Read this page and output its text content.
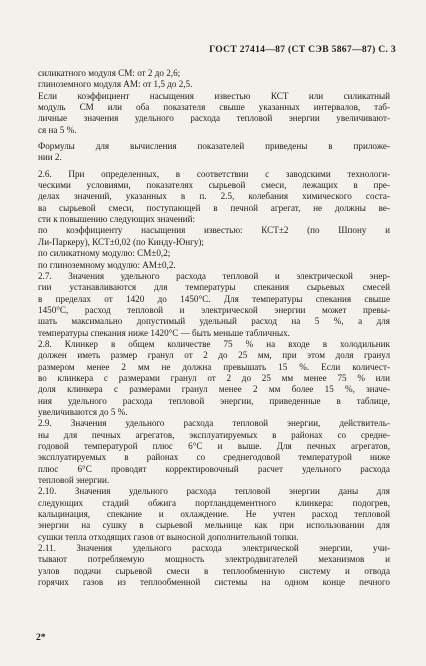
ГОСТ 27414—87 (СТ СЭВ 5867—87) С. 3

силикатного модуля СМ: от 2 до 2,6;
глиноземного модуля АМ: от 1,5 до 2,5.
Если коэффициент насыщения известью КСТ или силикатный
модуль СМ или оба показателя свыше указанных интервалов, таб-
личные значения удельного расхода тепловой энергии увеличивают-
ся на 5 %.

Формулы для вычисления показателей приведены в приложе-
нии 2.

2.6. При определенных, в соответствии с заводскими технологи-
ческими условиями, показателях сырьевой смеси, лежащих в пре-
делах значений, указанных в п. 2.5, колебания химического соста-
ва сырьевой смеси, поступающей в печной агрегат, не должны ве-
сти к повышению следующих значений:
по коэффициенту насыщения известью: КСТ±2 (по Шпону и
Ли-Паркеру), КСТ±0,02 (по Кинду-Юнгу);
по силикатному модулю: СМ±0,2;
по глиноземному модулю: АМ±0,2.

2.7. Значения удельного расхода тепловой и электрической энер-
гии устанавливаются для температуры спекания сырьевых смесей
в пределах от 1420 до 1450°С. Для температуры спекания свыше
1450°С, расход тепловой и электрической энергии может превы-
шать максимально допустимый удельный расход на 5 %, а для
температуры спекания ниже 1420°С — быть меньше табличных.

2.8. Клинкер в общем количестве 75 % на входе в холодильник
должен иметь размер гранул от 2 до 25 мм, при этом доля гранул
размером менее 2 мм не должна превышать 15 %. Если количест-
во клинкера с размерами гранул от 2 до 25 мм менее 75 % или
доля клинкера с размерами гранул менее 2 мм более 15 %, значе-
ния удельного расхода тепловой энергии, приведенные в таблице,
увеличиваются до 5 %.

2.9. Значения удельного расхода тепловой энергии, действитель-
ны для печных агрегатов, эксплуатируемых в районах со средне-
годовой температурой плюс 6°С и выше. Для печных агрегатов,
эксплуатируемых в районах со среднегодовой температурой ниже
плюс 6°С проводят корректировочный расчет удельного расхода
тепловой энергии.

2.10. Значения удельного расхода тепловой энергии даны для
следующих стадий обжига портландцементного клинкера: подогрев,
кальцинация, спекание и охлаждение. Не учтен расход тепловой
энергии на сушку в сырьевой мельнице как при использовании для
сушки тепла отходящих газов от выносной дополнительной топки.

2.11. Значения удельного расхода электрической энергии, учи-
тывают потребляемую мощность электродвигателей механизмов и
узлов подачи сырьевой смеси в теплообменную систему и отвода
горячих газов из теплообменной системы на одном конце печного

2*
